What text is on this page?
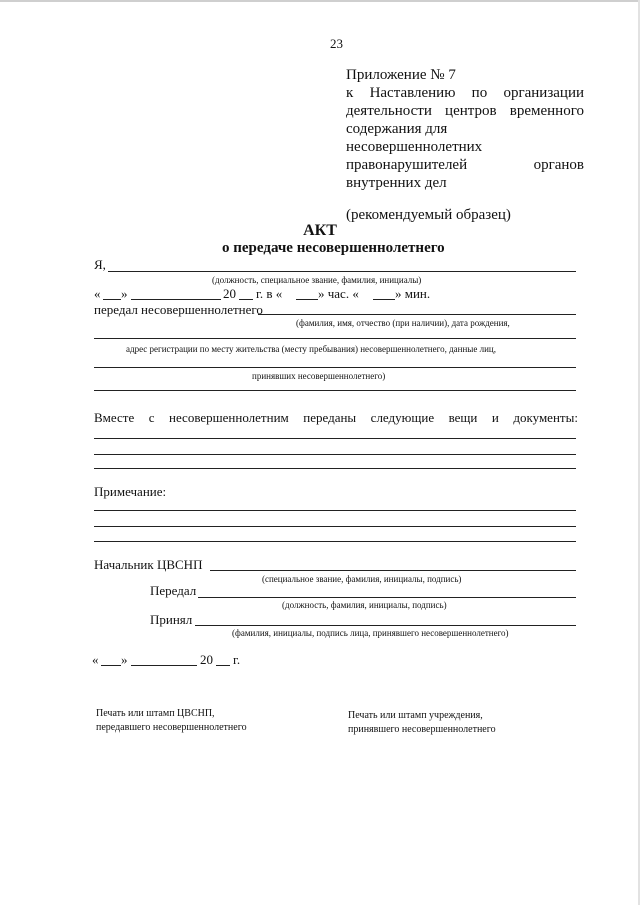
23
Приложение № 7
к Наставлению по организации
деятельности центров временного
содержания для несовершеннолетних
правонарушителей	органов
внутренних дел
(рекомендуемый образец)
АКТ
о передаче несовершеннолетнего
Я,
(должность, специальное звание, фамилия, инициалы)
« »	20 г. в «	» час. «	» мин.
передал несовершеннолетнего
(фамилия, имя, отчество (при наличии), дата рождения,
адрес регистрации по месту жительства (месту пребывания) несовершеннолетнего, данные лиц,
принявших несовершеннолетнего)
Вместе с несовершеннолетним переданы следующие вещи и документы:
Примечание:
Начальник ЦВСНП
(специальное звание, фамилия, инициалы, подпись)
Передал
(должность, фамилия, инициалы, подпись)
Принял
(фамилия, инициалы, подпись лица, принявшего несовершеннолетнего)
« »	20 г.
Печать или штамп ЦВСНП,
передавшего несовершеннолетнего
Печать или штамп учреждения,
принявшего несовершеннолетнего
